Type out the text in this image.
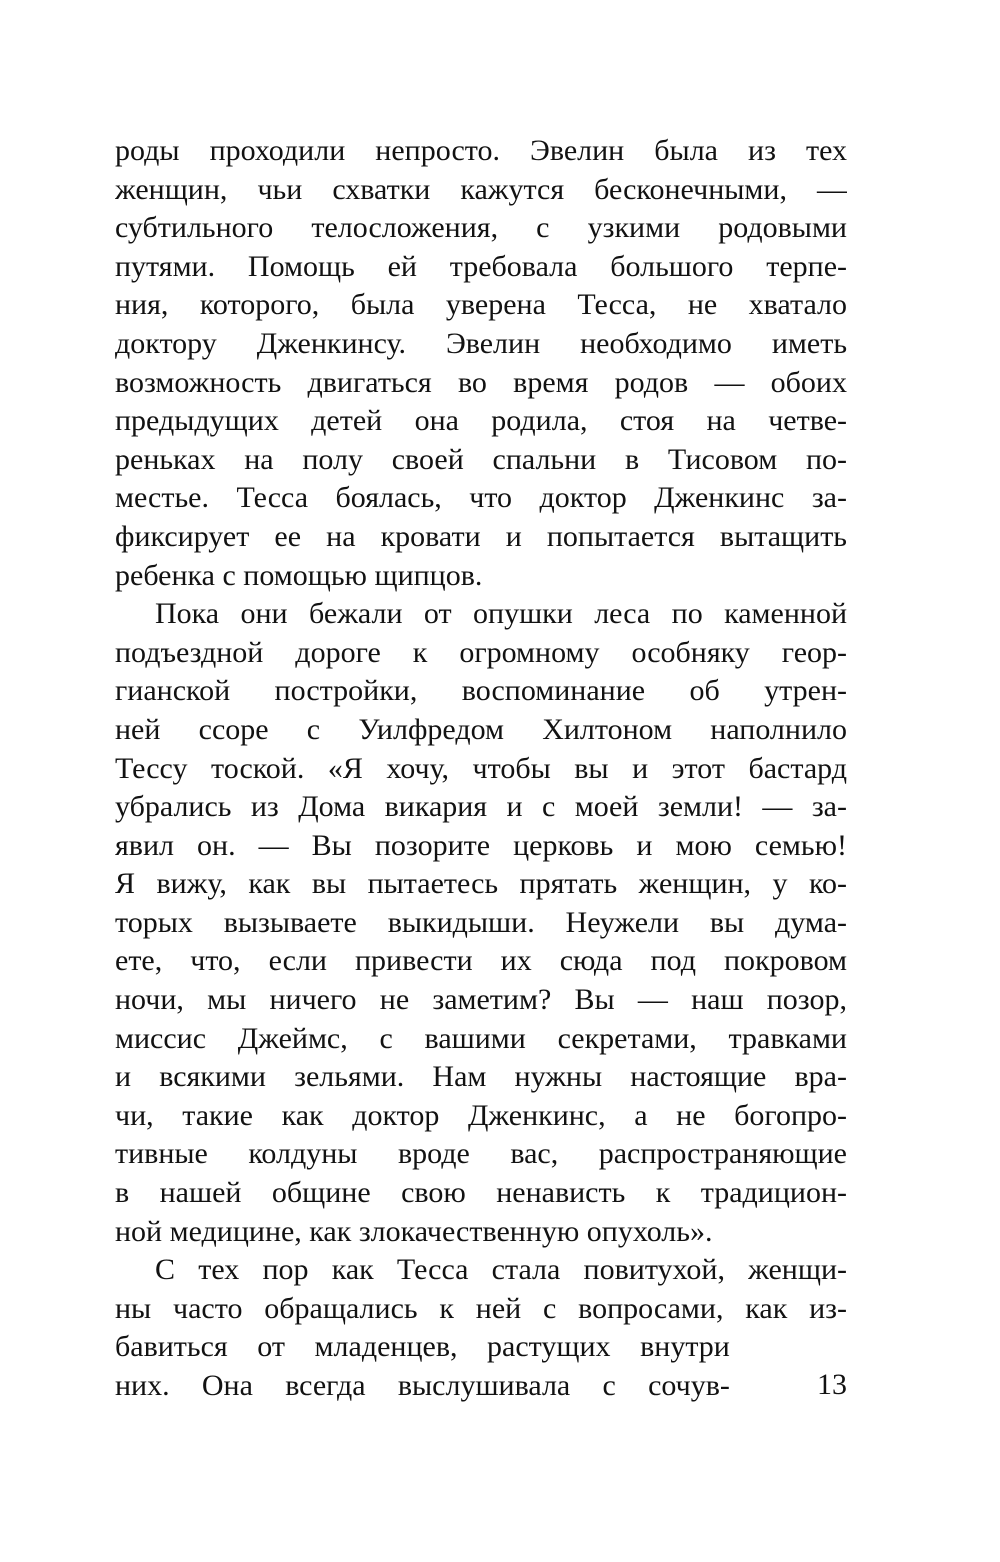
роды проходили непросто. Эвелин была из тех
женщин, чьи схватки кажутся бесконечными, —
субтильного телосложения, с узкими родовыми
путями. Помощь ей требовала большого терпе-
ния, которого, была уверена Тесса, не хватало
доктору Дженкинсу. Эвелин необходимо иметь
возможность двигаться во время родов — обоих
предыдущих детей она родила, стоя на четве-
реньках на полу своей спальни в Тисовом по-
местье. Тесса боялась, что доктор Дженкинс за-
фиксирует ее на кровати и попытается вытащить
ребенка с помощью щипцов.
Пока они бежали от опушки леса по каменной
подъездной дороге к огромному особняку геор-
гианской постройки, воспоминание об утрен-
ней ссоре с Уилфредом Хилтоном наполнило
Тессу тоской. «Я хочу, чтобы вы и этот бастард
убрались из Дома викария и с моей земли! — за-
явил он. — Вы позорите церковь и мою семью!
Я вижу, как вы пытаетесь прятать женщин, у ко-
торых вызываете выкидыши. Неужели вы дума-
ете, что, если привести их сюда под покровом
ночи, мы ничего не заметим? Вы — наш позор,
миссис Джеймс, с вашими секретами, травками
и всякими зельями. Нам нужны настоящие вра-
чи, такие как доктор Дженкинс, а не богопро-
тивные колдуны вроде вас, распространяющие
в нашей общине свою ненависть к традицион-
ной медицине, как злокачественную опухоль».
С тех пор как Тесса стала повитухой, женщи-
ны часто обращались к ней с вопросами, как из-
бавиться от младенцев, растущих внутри
них. Она всегда выслушивала с сочув-	13
